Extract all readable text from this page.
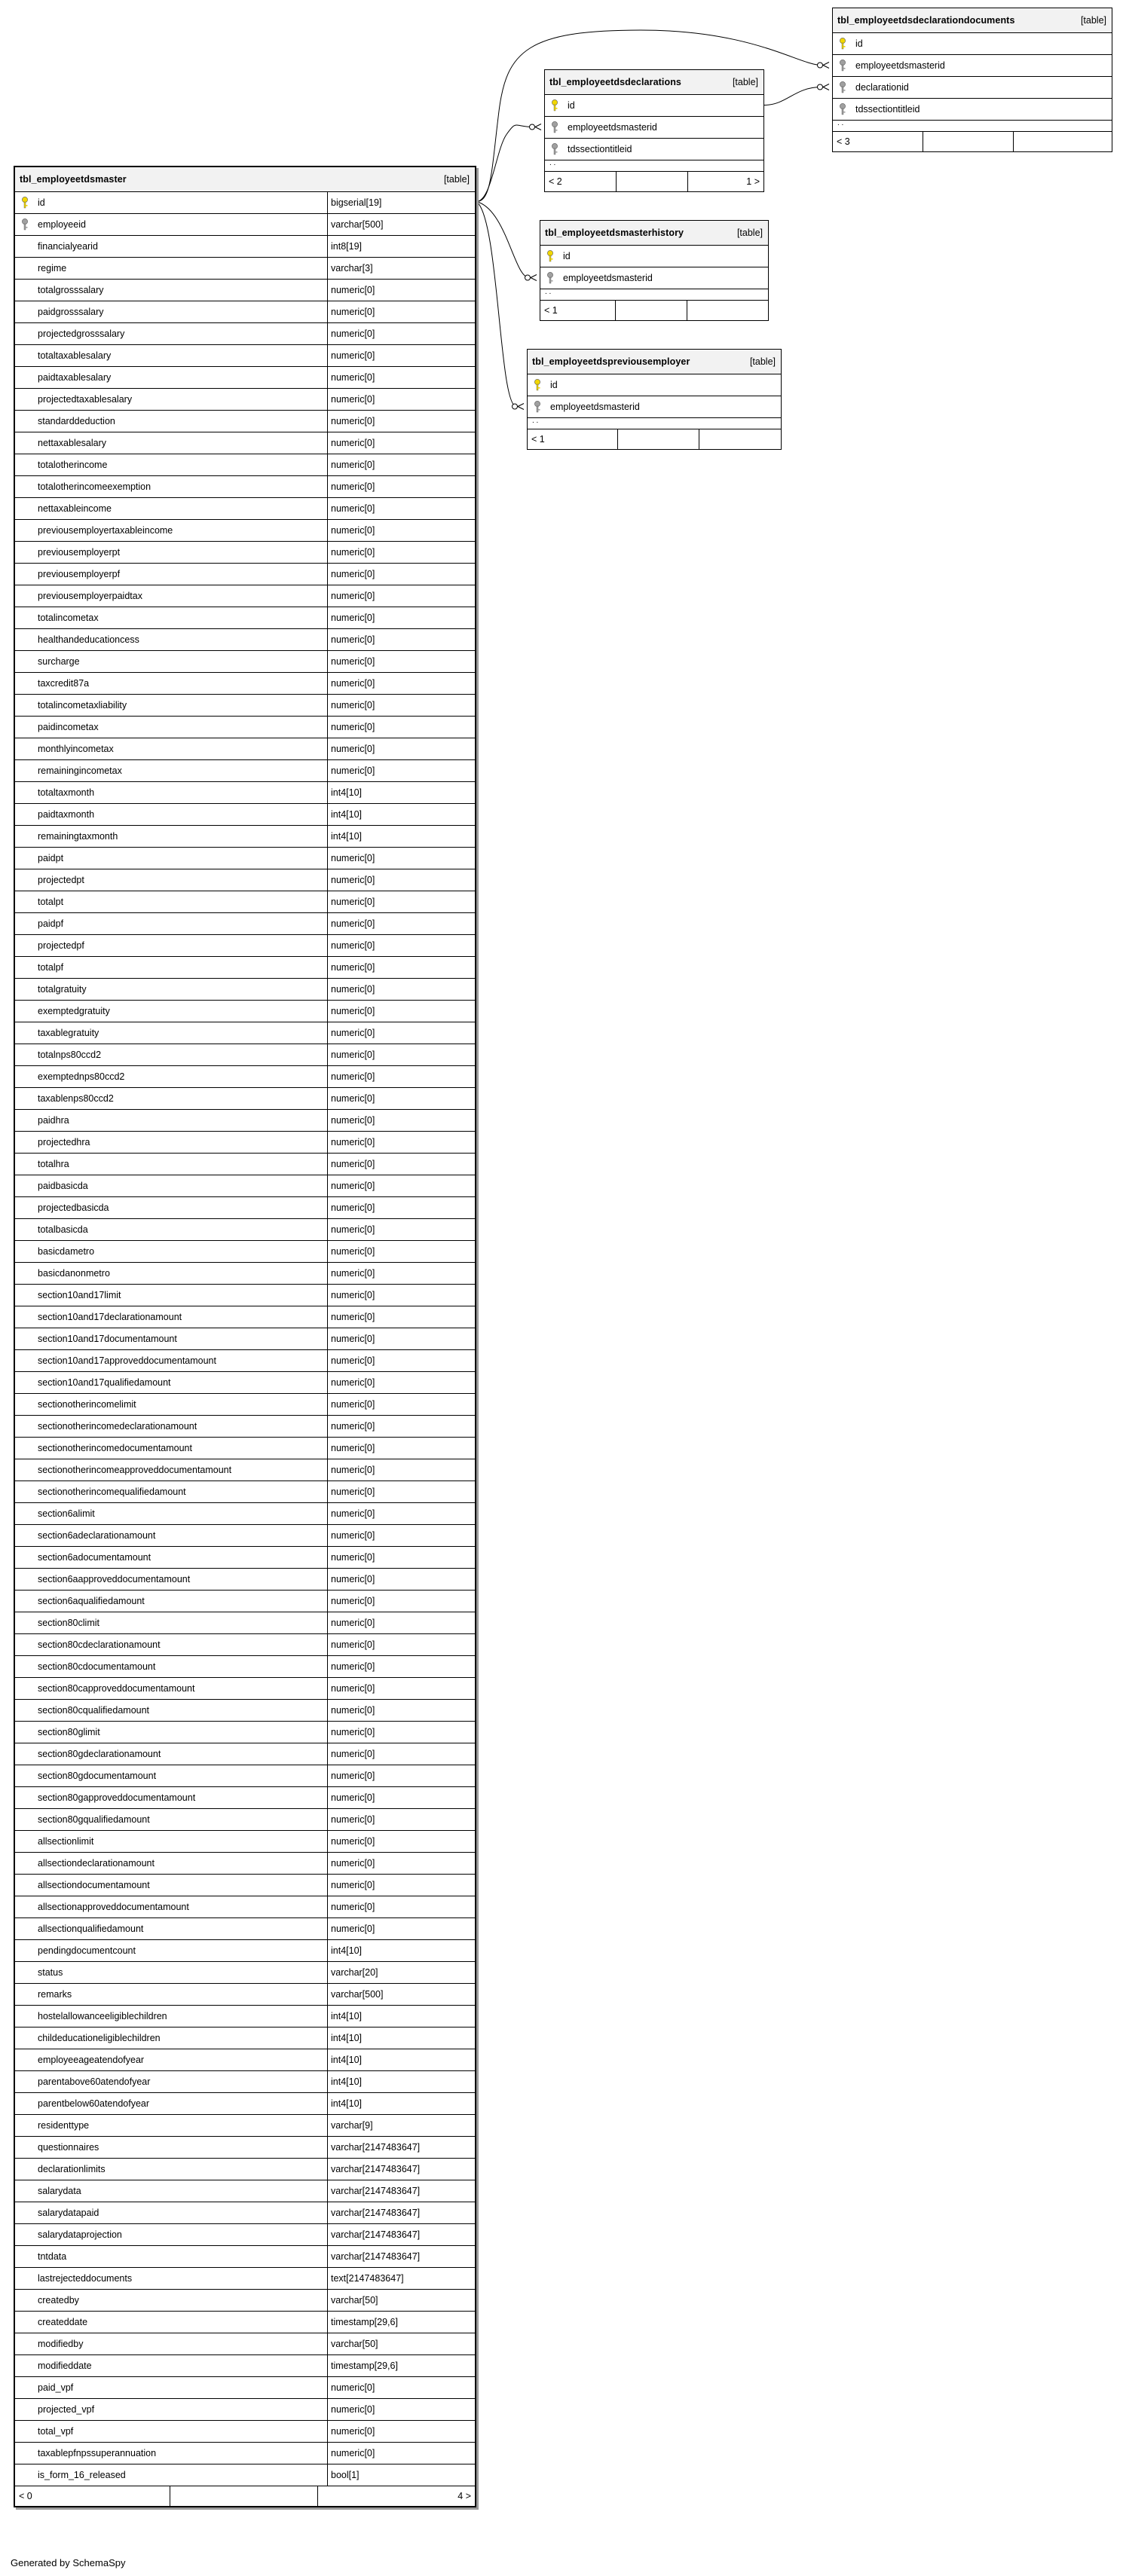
tbl_employeetdsdeclarationdocuments	[table]
id
employeetdsmasterid
declarationid
tdssectiontitleid
. .
< 3
tbl_employeetdsdeclarations	[table]
id
employeetdsmasterid
tdssectiontitleid
. .
< 2	1 >
tbl_employeetdsmasterhistory	[table]
id
employeetdsmasterid
. .
< 1
tbl_employeetdspreviousemployer	[table]
id
employeetdsmasterid
. .
< 1
tbl_employeetdsmaster	[table]
id	bigserial[19]
employeeid	varchar[500]
financialyearid	int8[19]
regime	varchar[3]
totalgrosssalary	numeric[0]
paidgrosssalary	numeric[0]
projectedgrosssalary	numeric[0]
totaltaxablesalary	numeric[0]
paidtaxablesalary	numeric[0]
projectedtaxablesalary	numeric[0]
standarddeduction	numeric[0]
nettaxablesalary	numeric[0]
totalotherincome	numeric[0]
totalotherincomeexemption	numeric[0]
nettaxableincome	numeric[0]
previousemployertaxableincome	numeric[0]
previousemployerpt	numeric[0]
previousemployerpf	numeric[0]
previousemployerpaidtax	numeric[0]
totalincometax	numeric[0]
healthandeducationcess	numeric[0]
surcharge	numeric[0]
taxcredit87a	numeric[0]
totalincometaxliability	numeric[0]
paidincometax	numeric[0]
monthlyincometax	numeric[0]
remainingincometax	numeric[0]
totaltaxmonth	int4[10]
paidtaxmonth	int4[10]
remainingtaxmonth	int4[10]
paidpt	numeric[0]
projectedpt	numeric[0]
totalpt	numeric[0]
paidpf	numeric[0]
projectedpf	numeric[0]
totalpf	numeric[0]
totalgratuity	numeric[0]
exemptedgratuity	numeric[0]
taxablegratuity	numeric[0]
totalnps80ccd2	numeric[0]
exemptednps80ccd2	numeric[0]
taxablenps80ccd2	numeric[0]
paidhra	numeric[0]
projectedhra	numeric[0]
totalhra	numeric[0]
paidbasicda	numeric[0]
projectedbasicda	numeric[0]
totalbasicda	numeric[0]
basicdametro	numeric[0]
basicdanonmetro	numeric[0]
section10and17limit	numeric[0]
section10and17declarationamount	numeric[0]
section10and17documentamount	numeric[0]
section10and17approveddocumentamount	numeric[0]
section10and17qualifiedamount	numeric[0]
sectionotherincomelimit	numeric[0]
sectionotherincomedeclarationamount	numeric[0]
sectionotherincomedocumentamount	numeric[0]
sectionotherincomeapproveddocumentamount	numeric[0]
sectionotherincomequalifiedamount	numeric[0]
section6alimit	numeric[0]
section6adeclarationamount	numeric[0]
section6adocumentamount	numeric[0]
section6aapproveddocumentamount	numeric[0]
section6aqualifiedamount	numeric[0]
section80climit	numeric[0]
section80cdeclarationamount	numeric[0]
section80cdocumentamount	numeric[0]
section80capproveddocumentamount	numeric[0]
section80cqualifiedamount	numeric[0]
section80glimit	numeric[0]
section80gdeclarationamount	numeric[0]
section80gdocumentamount	numeric[0]
section80gapproveddocumentamount	numeric[0]
section80gqualifiedamount	numeric[0]
allsectionlimit	numeric[0]
allsectiondeclarationamount	numeric[0]
allsectiondocumentamount	numeric[0]
allsectionapproveddocumentamount	numeric[0]
allsectionqualifiedamount	numeric[0]
pendingdocumentcount	int4[10]
status	varchar[20]
remarks	varchar[500]
hostelallowanceeligiblechildren	int4[10]
childeducationeligiblechildren	int4[10]
employeeageatendofyear	int4[10]
parentabove60atendofyear	int4[10]
parentbelow60atendofyear	int4[10]
residenttype	varchar[9]
questionnaires	varchar[2147483647]
declarationlimits	varchar[2147483647]
salarydata	varchar[2147483647]
salarydatapaid	varchar[2147483647]
salarydataprojection	varchar[2147483647]
tntdata	varchar[2147483647]
lastrejecteddocuments	text[2147483647]
createdby	varchar[50]
createddate	timestamp[29,6]
modifiedby	varchar[50]
modifieddate	timestamp[29,6]
paid_vpf	numeric[0]
projected_vpf	numeric[0]
total_vpf	numeric[0]
taxablepfnpssuperannuation	numeric[0]
is_form_16_released	bool[1]
< 0	4 >
Generated by SchemaSpy
